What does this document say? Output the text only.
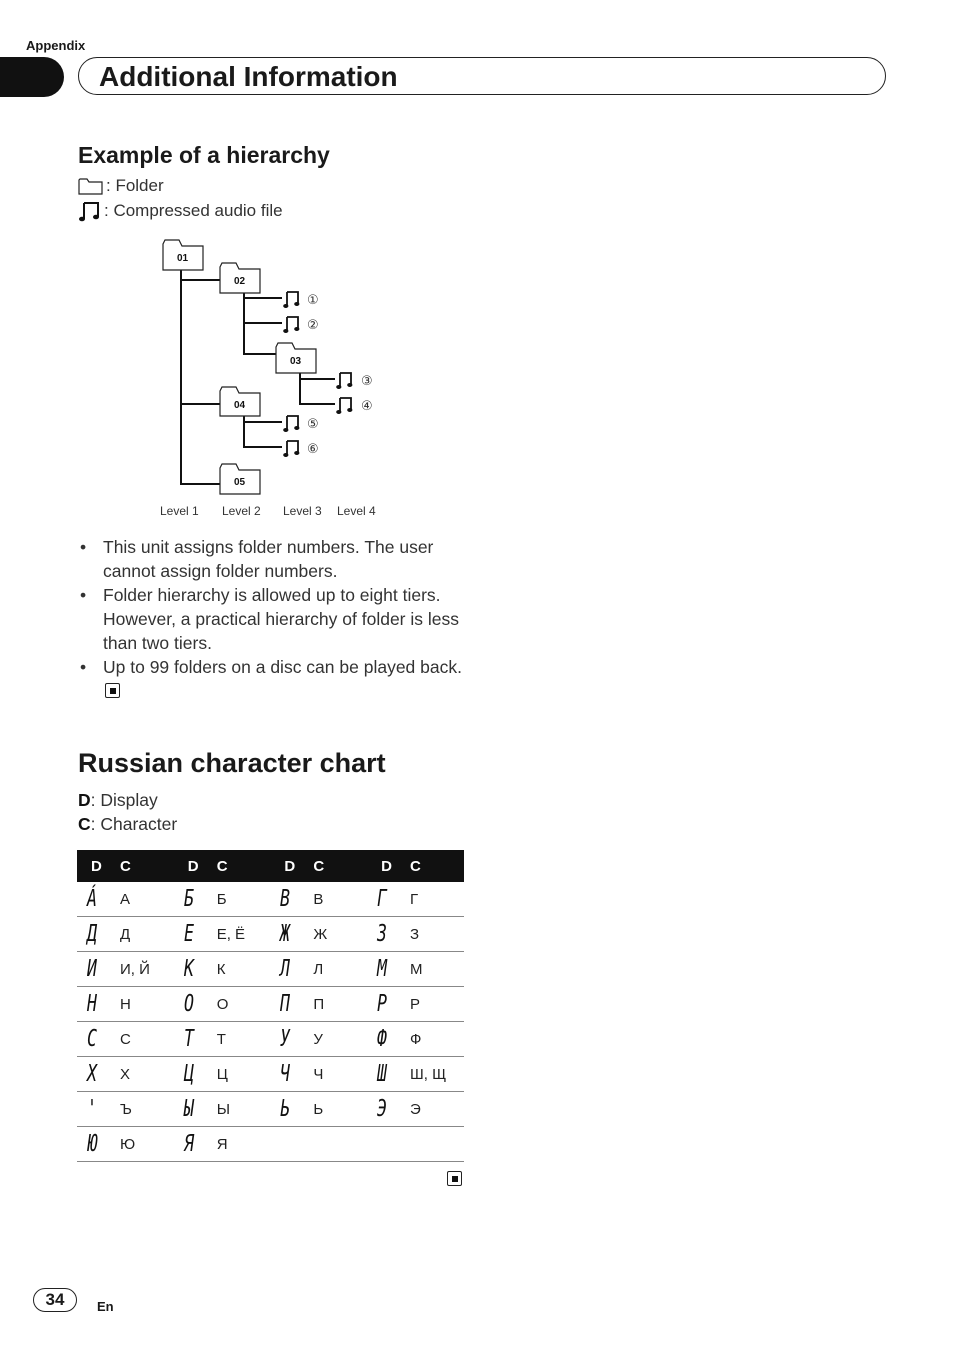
Appendix
Additional Information
Example of a hierarchy
: Folder
: Compressed audio file
01
02
03
04
05
①
②
③
④
⑤
⑥
Level 1 Level 2 Level 3 Level 4
• This unit assigns folder numbers. The user cannot assign folder numbers.
• Folder hierarchy is allowed up to eight tiers. However, a practical hierarchy of folder is less than two tiers.
• Up to 99 folders on a disc can be played back.
Russian character chart
D: Display
C: Character
D	C	D	C	D	C	D	C
Á	А	Б	Б	В	В	Г	Г
Д	Д	Е	Е, Ё	Ж	Ж	З	З
И	И, Й	К	К	Л	Л	М	М
Н	Н	О	О	П	П	Р	Р
С	С	Т	Т	У	У	Ф	Ф
Х	Х	Ц	Ц	Ч	Ч	Ш	Ш, Щ
'	Ъ	Ы	Ы	Ь	Ь	Э	Э
Ю	Ю	Я	Я				
34	En
